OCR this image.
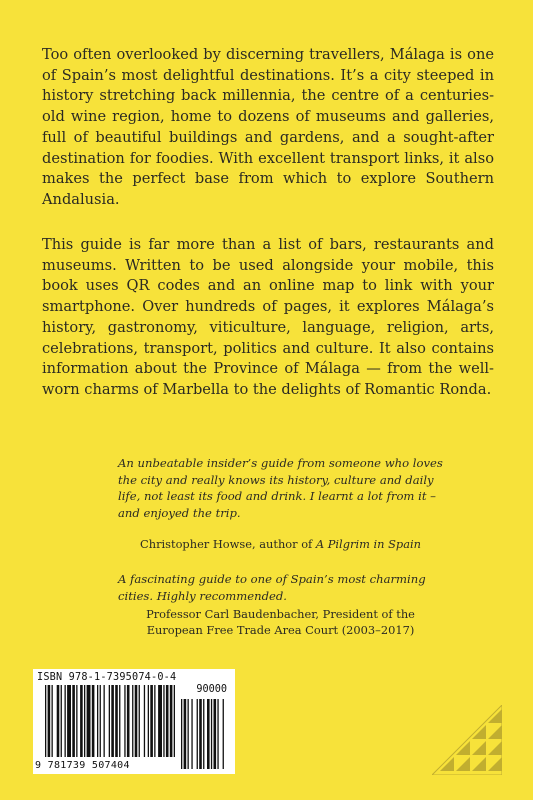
Too often overlooked by discerning travellers, Málaga is one of Spain’s most delightful destinations. It’s a city steeped in history stretching back millennia, the centre of a centuries-old wine region, home to dozens of museums and galleries, full of beautiful buildings and gardens, and a sought-after destination for foodies. With excellent transport links, it also makes the perfect base from which to explore Southern Andalusia.

This guide is far more than a list of bars, restaurants and museums. Written to be used alongside your mobile, this book uses QR codes and an online map to link with your smartphone. Over hundreds of pages, it explores Málaga’s history, gastronomy, viticulture, language, religion, arts, celebrations, transport, politics and culture. It also contains information about the Province of Málaga — from the well-worn charms of Marbella to the delights of Romantic Ronda.

An unbeatable insider’s guide from someone who loves the city and really knows its history, culture and daily life, not least its food and drink. I learnt a lot from it – and enjoyed the trip.

Christopher Howse, author of A Pilgrim in Spain

A fascinating guide to one of Spain’s most charming cities. Highly recommended.

Professor Carl Baudenbacher, President of the
European Free Trade Area Court (2003–2017)
ISBN 978-1-7395074-0-4
90000
9 781739 507404
